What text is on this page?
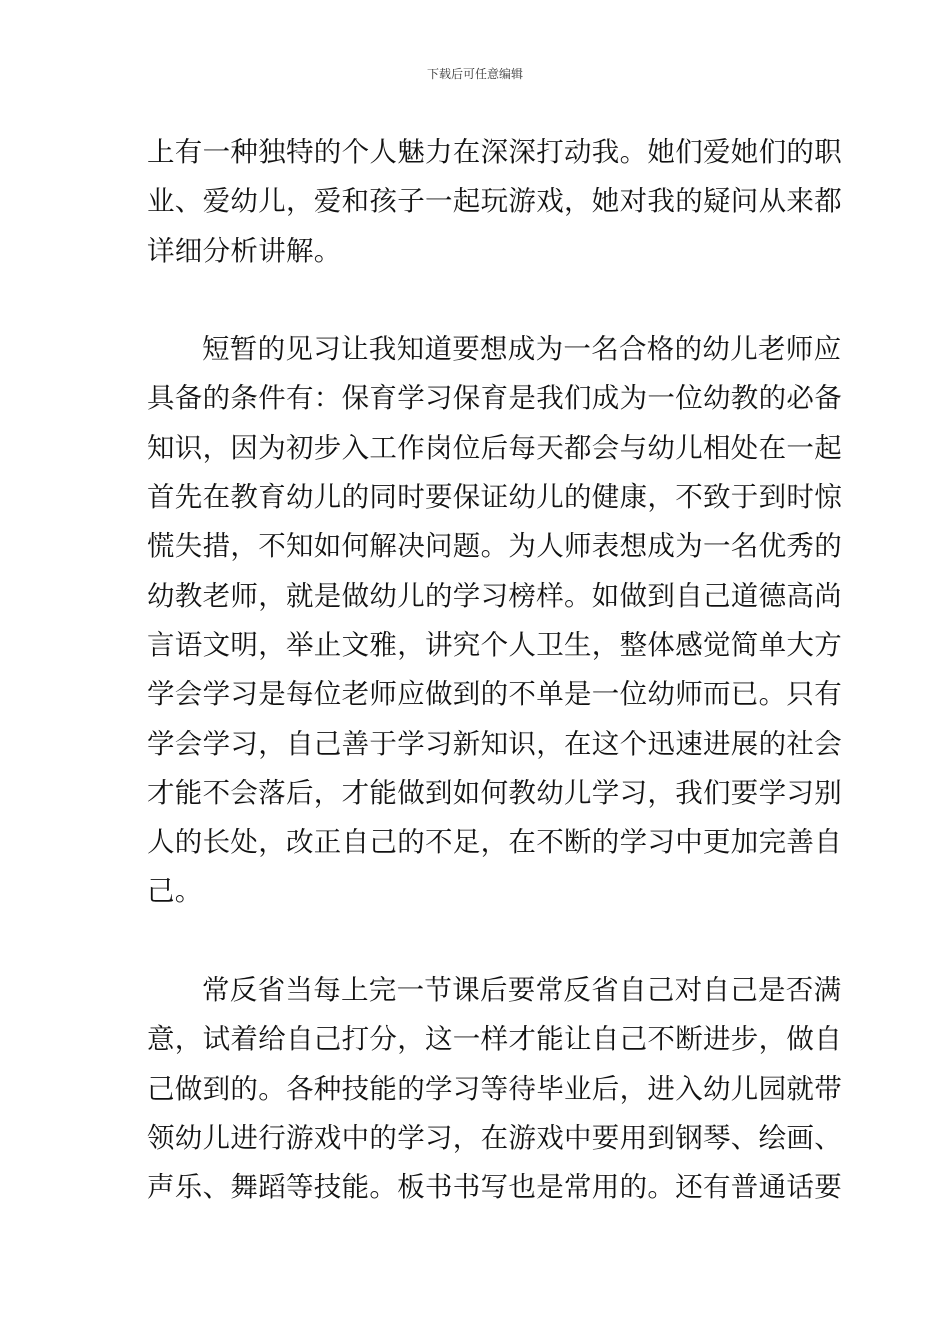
下载后可任意编辑
上有一种独特的个人魅力在深深打动我。她们爱她们的职
业、爱幼儿，爱和孩子一起玩游戏，她对我的疑问从来都
详细分析讲解。
短暂的见习让我知道要想成为一名合格的幼儿老师应
具备的条件有：保育学习保育是我们成为一位幼教的必备
知识，因为初步入工作岗位后每天都会与幼儿相处在一起
首先在教育幼儿的同时要保证幼儿的健康，不致于到时惊
慌失措，不知如何解决问题。为人师表想成为一名优秀的
幼教老师，就是做幼儿的学习榜样。如做到自己道德高尚
言语文明，举止文雅，讲究个人卫生，整体感觉简单大方
学会学习是每位老师应做到的不单是一位幼师而已。只有
学会学习，自己善于学习新知识，在这个迅速进展的社会
才能不会落后，才能做到如何教幼儿学习，我们要学习别
人的长处，改正自己的不足，在不断的学习中更加完善自
己。
常反省当每上完一节课后要常反省自己对自己是否满
意，试着给自己打分，这一样才能让自己不断进步，做自
己做到的。各种技能的学习等待毕业后，进入幼儿园就带
领幼儿进行游戏中的学习，在游戏中要用到钢琴、绘画、
声乐、舞蹈等技能。板书书写也是常用的。还有普通话要
